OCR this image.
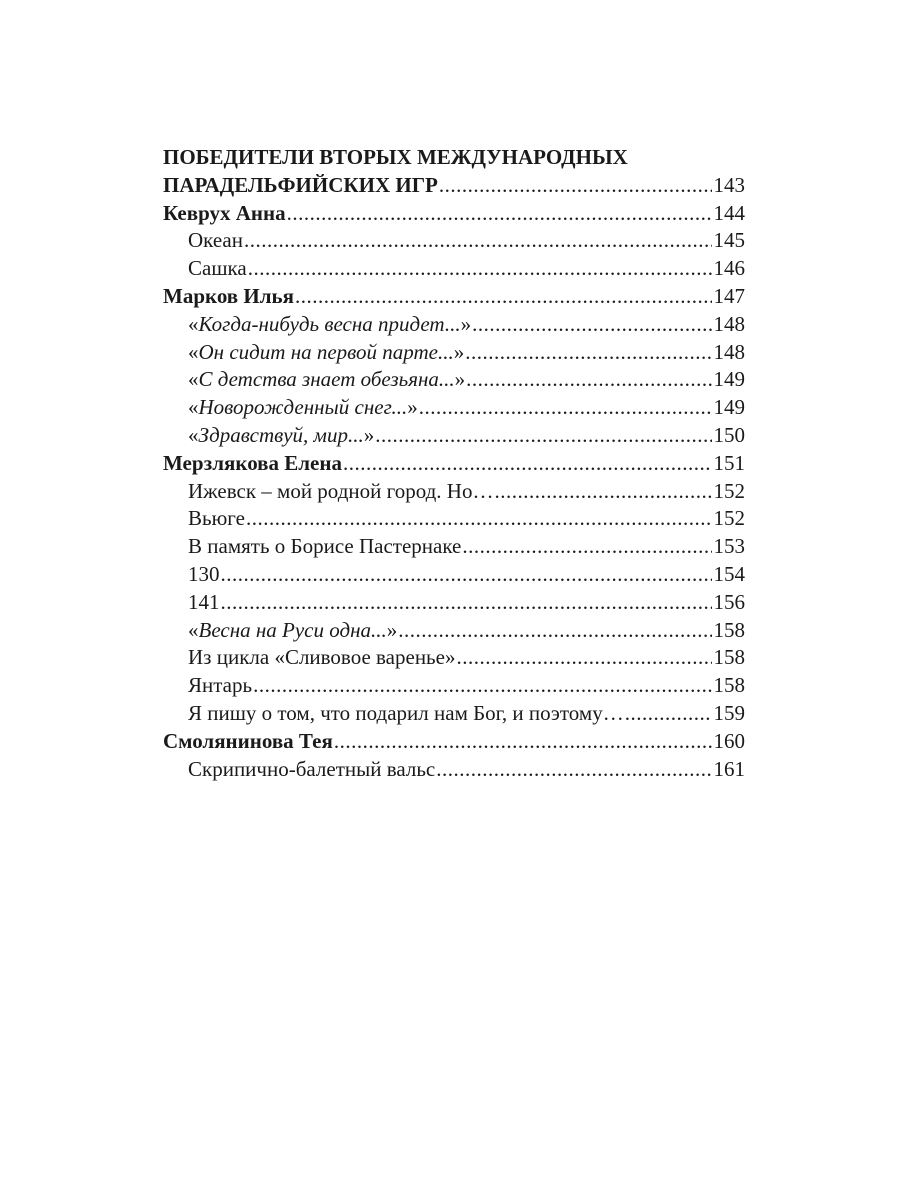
ПОБЕДИТЕЛИ ВТОРЫХ МЕЖДУНАРОДНЫХ
ПАРАДЕЛЬФИЙСКИХ ИГР .....	143
Кеврух Анна .....	144
Океан .....	145
Сашка .....	146
Марков Илья .....	147
«Когда-нибудь весна придет...» .....	148
«Он сидит на первой парте...» .....	148
«С детства знает обезьяна...» .....	149
«Новорожденный снег...» .....	149
«Здравствуй, мир...» .....	150
Мерзлякова Елена .....	151
Ижевск – мой родной город. Но… .....	152
Вьюге .....	152
В память о Борисе Пастернаке .....	153
130 .....	154
141 .....	156
«Весна на Руси одна...» .....	158
Из цикла «Сливовое варенье» .....	158
Янтарь .....	158
Я пишу о том, что подарил нам Бог, и поэтому… .....	159
Смолянинова Тея .....	160
Скрипично-балетный вальс .....	161
